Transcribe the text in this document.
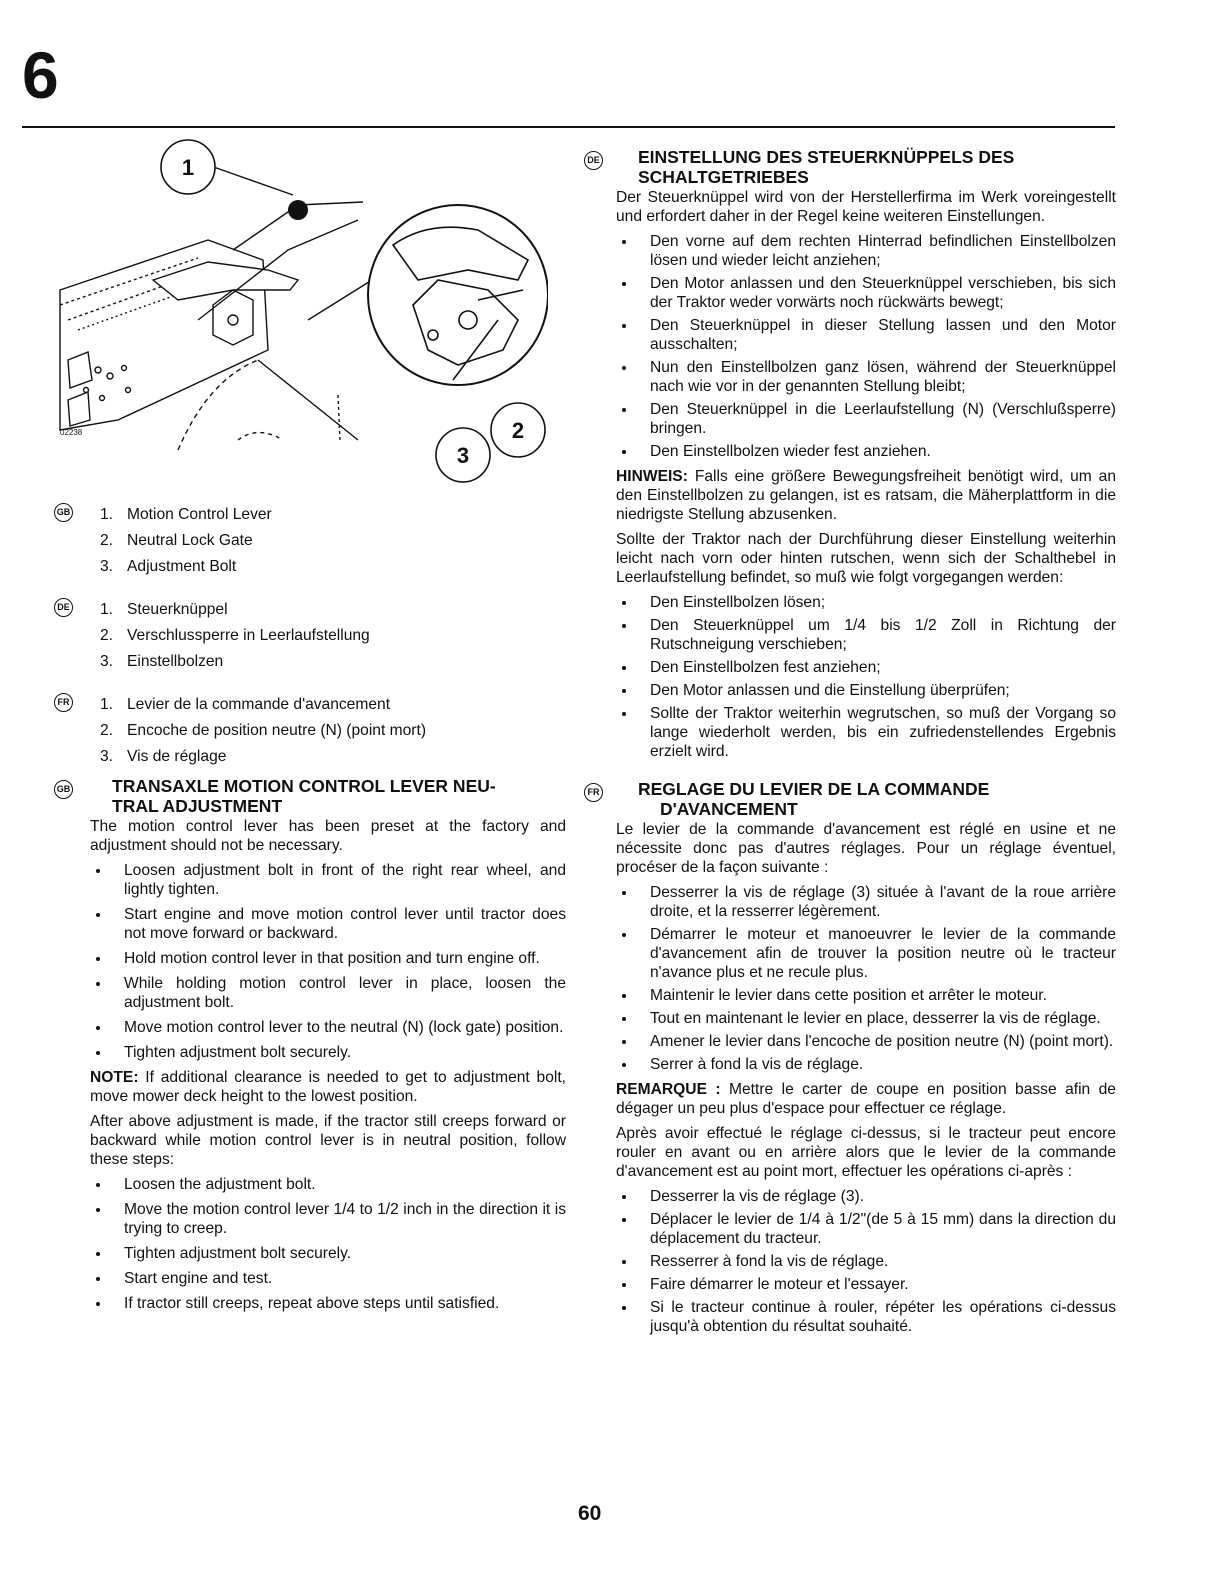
6
1
2
3
02238
GB 1. Motion Control Lever
2. Neutral Lock Gate
3. Adjustment Bolt
DE 1. Steuerknüppel
2. Verschlussperre in Leerlaufstellung
3. Einstellbolzen
FR 1. Levier de la commande d'avancement
2. Encoche de position neutre (N) (point mort)
3. Vis de réglage
GB TRANSAXLE MOTION CONTROL LEVER NEU-
TRAL ADJUSTMENT
The motion control lever has been preset at the factory and adjustment should not be necessary.
Loosen adjustment bolt in front of the right rear wheel, and lightly tighten.
Start engine and move motion control lever until tractor does not move forward or backward.
Hold motion control lever in that position and turn engine off.
While holding motion control lever in place, loosen the adjustment bolt.
Move motion control lever to the neutral (N) (lock gate) position.
Tighten adjustment bolt securely.
NOTE: If additional clearance is needed to get to adjustment bolt, move mower deck height to the lowest position.
After above adjustment is made, if the tractor still creeps forward or backward while motion control lever is in neutral position, follow these steps:
Loosen the adjustment bolt.
Move the motion control lever 1/4 to 1/2 inch in the direction it is trying to creep.
Tighten adjustment bolt securely.
Start engine and test.
If tractor still creeps, repeat above steps until satisfied.
DE EINSTELLUNG DES STEUERKNÜPPELS DES
SCHALTGETRIEBES
Der Steuerknüppel wird von der Herstellerfirma im Werk voreingestellt und erfordert daher in der Regel keine weiteren Einstellungen.
Den vorne auf dem rechten Hinterrad befindlichen Einstellbolzen lösen und wieder leicht anziehen;
Den Motor anlassen und den Steuerknüppel verschieben, bis sich der Traktor weder vorwärts noch rückwärts bewegt;
Den Steuerknüppel in dieser Stellung lassen und den Motor ausschalten;
Nun den Einstellbolzen ganz lösen, während der Steuerknüppel nach wie vor in der genannten Stellung bleibt;
Den Steuerknüppel in die Leerlaufstellung (N) (Verschlußsperre) bringen.
Den Einstellbolzen wieder fest anziehen.
HINWEIS: Falls eine größere Bewegungsfreiheit benötigt wird, um an den Einstellbolzen zu gelangen, ist es ratsam, die Mäherplattform in die niedrigste Stellung abzusenken.
Sollte der Traktor nach der Durchführung dieser Einstellung weiterhin leicht nach vorn oder hinten rutschen, wenn sich der Schalthebel in Leerlaufstellung befindet, so muß wie folgt vorgegangen werden:
Den Einstellbolzen lösen;
Den Steuerknüppel um 1/4 bis 1/2 Zoll in Richtung der Rutschneigung verschieben;
Den Einstellbolzen fest anziehen;
Den Motor anlassen und die Einstellung überprüfen;
Sollte der Traktor weiterhin wegrutschen, so muß der Vorgang so lange wiederholt werden, bis ein zufriedenstellendes Ergebnis erzielt wird.
FR REGLAGE DU LEVIER DE LA COMMANDE
D'AVANCEMENT
Le levier de la commande d'avancement est réglé en usine et ne nécessite donc pas d'autres réglages. Pour un réglage éventuel, procéser de la façon suivante :
Desserrer la vis de réglage (3) située à l'avant de la roue arrière droite, et la resserrer légèrement.
Démarrer le moteur et manoeuvrer le levier de la commande d'avancement afin de trouver la position neutre où le tracteur n'avance plus et ne recule plus.
Maintenir le levier dans cette position et arrêter le moteur.
Tout en maintenant le levier en place, desserrer la vis de réglage.
Amener le levier dans l'encoche de position neutre (N) (point mort).
Serrer à fond la vis de réglage.
REMARQUE : Mettre le carter de coupe en position basse afin de dégager un peu plus d'espace pour effectuer ce réglage.
Après avoir effectué le réglage ci-dessus, si le tracteur peut encore rouler en avant ou en arrière alors que le levier de la commande d'avancement est au point mort, effectuer les opérations ci-après :
Desserrer la vis de réglage (3).
Déplacer le levier de 1/4 à 1/2"(de 5 à 15 mm) dans la direction du déplacement du tracteur.
Resserrer à fond la vis de réglage.
Faire démarrer le moteur et l'essayer.
Si le tracteur continue à rouler, répéter les opérations ci-dessus jusqu'à obtention du résultat souhaité.
60
